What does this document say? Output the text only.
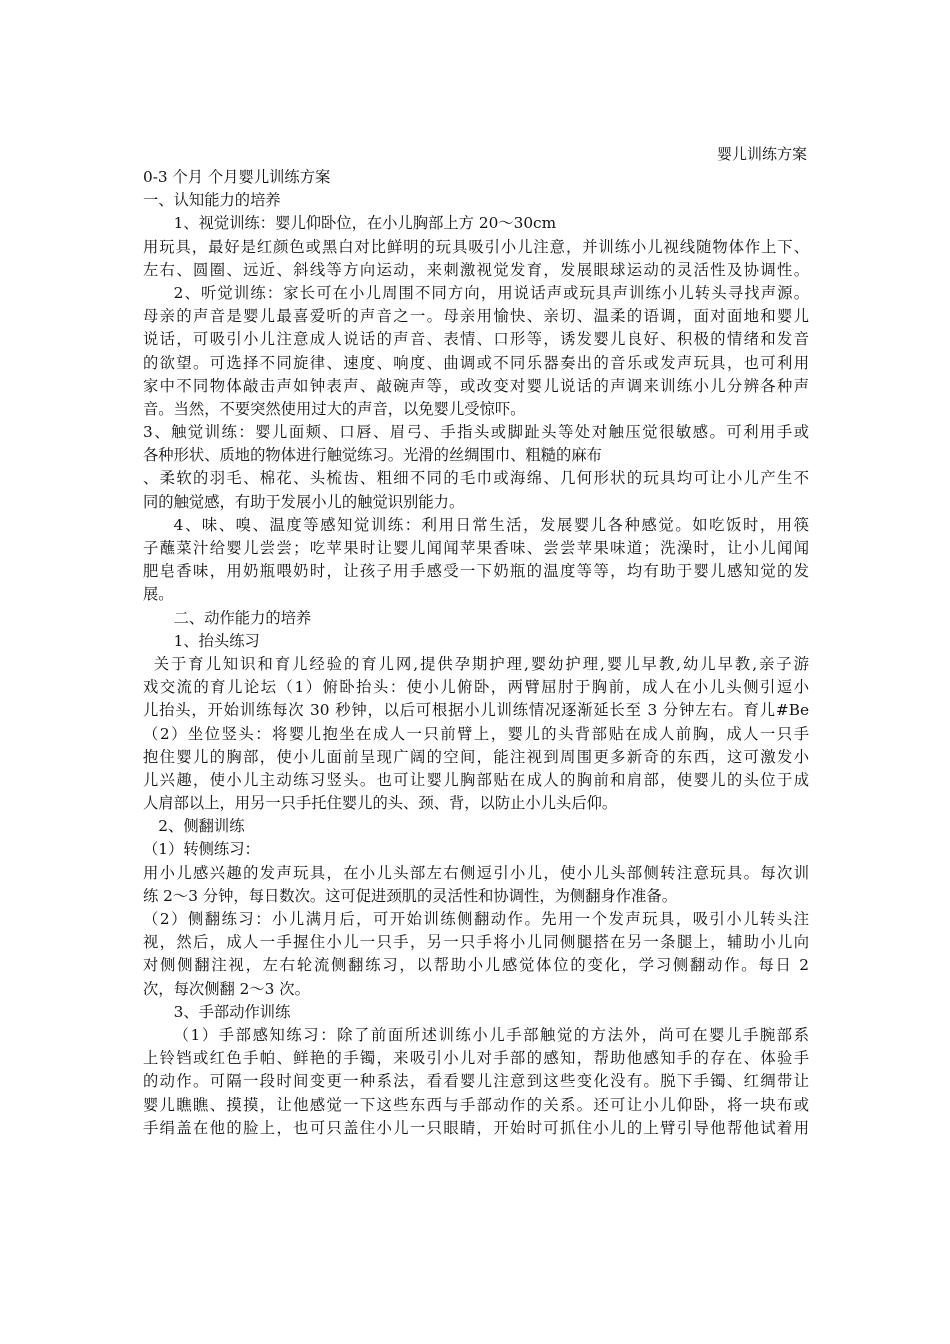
婴儿训练方案
0-3 个月 个月婴儿训练方案
一、认知能力的培养
1、视觉训练：婴儿仰卧位，在小儿胸部上方 20～30cm
用玩具，最好是红颜色或黑白对比鲜明的玩具吸引小儿注意，并训练小儿视线随物体作上下、
左右、圆圈、远近、斜线等方向运动，来刺激视觉发育，发展眼球运动的灵活性及协调性。
2、听觉训练：家长可在小儿周围不同方向，用说话声或玩具声训练小儿转头寻找声源。
母亲的声音是婴儿最喜爱听的声音之一。母亲用愉快、亲切、温柔的语调，面对面地和婴儿
说话，可吸引小儿注意成人说话的声音、表情、口形等，诱发婴儿良好、积极的情绪和发音
的欲望。可选择不同旋律、速度、响度、曲调或不同乐器奏出的音乐或发声玩具，也可利用
家中不同物体敲击声如钟表声、敲碗声等，或改变对婴儿说话的声调来训练小儿分辨各种声
音。当然，不要突然使用过大的声音，以免婴儿受惊吓。
3、触觉训练：婴儿面颊、口唇、眉弓、手指头或脚趾头等处对触压觉很敏感。可利用手或
各种形状、质地的物体进行触觉练习。光滑的丝绸围巾、粗糙的麻布
、柔软的羽毛、棉花、头梳齿、粗细不同的毛巾或海绵、几何形状的玩具均可让小儿产生不
同的触觉感，有助于发展小儿的触觉识别能力。
4、味、嗅、温度等感知觉训练：利用日常生活，发展婴儿各种感觉。如吃饭时，用筷
子蘸菜汁给婴儿尝尝；吃苹果时让婴儿闻闻苹果香味、尝尝苹果味道；洗澡时，让小儿闻闻
肥皂香味，用奶瓶喂奶时，让孩子用手感受一下奶瓶的温度等等，均有助于婴儿感知觉的发
展。
二、动作能力的培养
1、抬头练习
关于育儿知识和育儿经验的育儿网,提供孕期护理,婴幼护理,婴儿早教,幼儿早教,亲子游
戏交流的育儿论坛（1）俯卧抬头：使小儿俯卧，两臂屈肘于胸前，成人在小儿头侧引逗小
儿抬头，开始训练每次 30 秒钟，以后可根据小儿训练情况逐渐延长至 3 分钟左右。育儿#Be
（2）坐位竖头：将婴儿抱坐在成人一只前臂上，婴儿的头背部贴在成人前胸，成人一只手
抱住婴儿的胸部，使小儿面前呈现广阔的空间，能注视到周围更多新奇的东西，这可激发小
儿兴趣，使小儿主动练习竖头。也可让婴儿胸部贴在成人的胸前和肩部，使婴儿的头位于成
人肩部以上，用另一只手托住婴儿的头、颈、背，以防止小儿头后仰。
2、侧翻训练
（1）转侧练习：
用小儿感兴趣的发声玩具，在小儿头部左右侧逗引小儿，使小儿头部侧转注意玩具。每次训
练 2～3 分钟，每日数次。这可促进颈肌的灵活性和协调性，为侧翻身作准备。
（2）侧翻练习：小儿满月后，可开始训练侧翻动作。先用一个发声玩具，吸引小儿转头注
视，然后，成人一手握住小儿一只手，另一只手将小儿同侧腿搭在另一条腿上，辅助小儿向
对侧侧翻注视，左右轮流侧翻练习，以帮助小儿感觉体位的变化，学习侧翻动作。每日 2
次，每次侧翻 2～3 次。
3、手部动作训练
（1）手部感知练习：除了前面所述训练小儿手部触觉的方法外，尚可在婴儿手腕部系
上铃铛或红色手帕、鲜艳的手镯，来吸引小儿对手部的感知，帮助他感知手的存在、体验手
的动作。可隔一段时间变更一种系法，看看婴儿注意到这些变化没有。脱下手镯、红绸带让
婴儿瞧瞧、摸摸，让他感觉一下这些东西与手部动作的关系。还可让小儿仰卧，将一块布或
手绢盖在他的脸上，也可只盖住小儿一只眼睛，开始时可抓住小儿的上臂引导他帮他试着用
